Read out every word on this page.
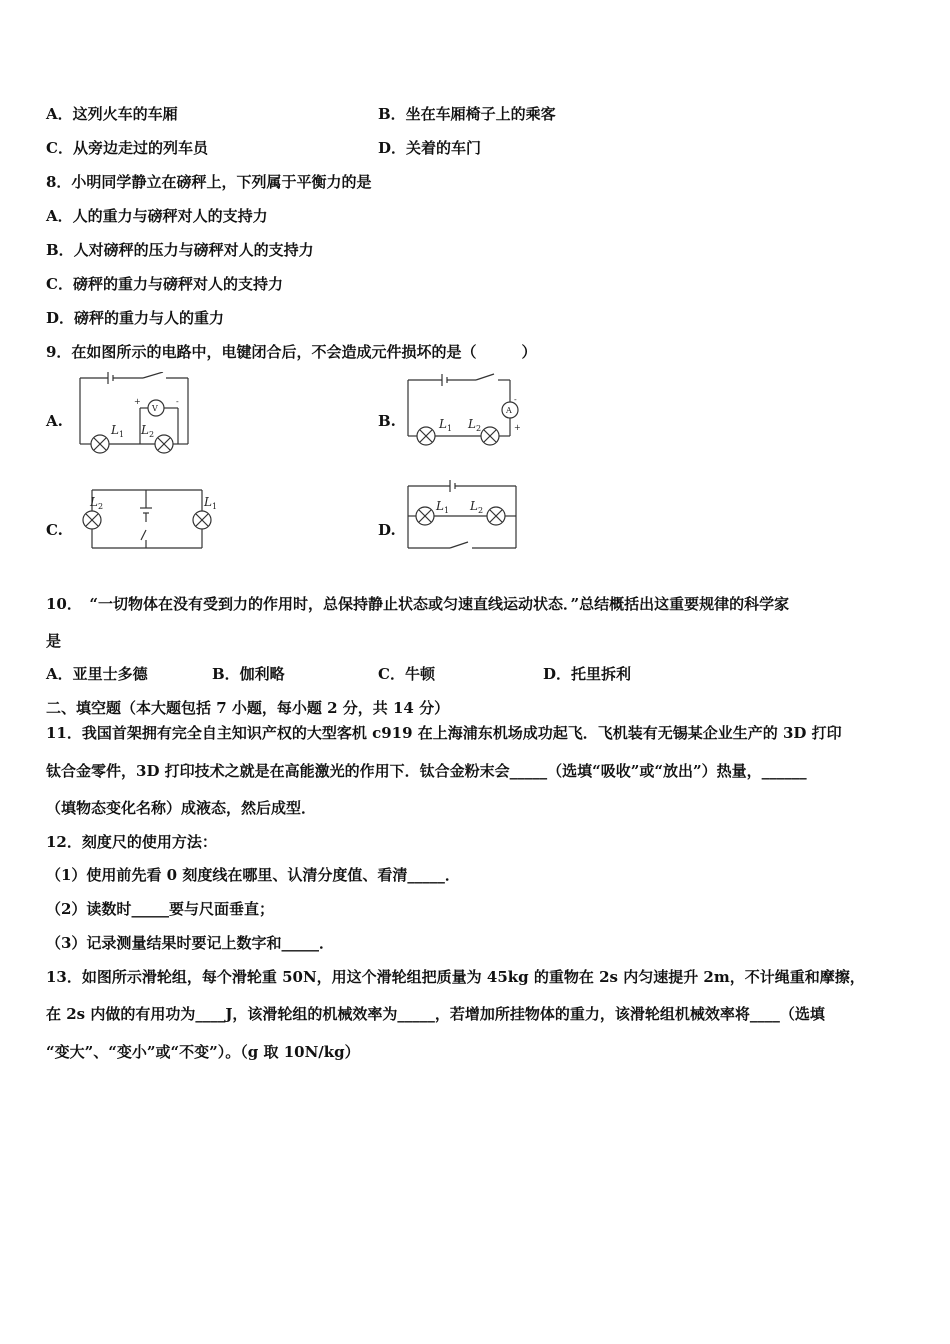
A．这列火车的车厢	B．坐在车厢椅子上的乘客
C．从旁边走过的列车员	D．关着的车门
8．小明同学静立在磅秤上，下列属于平衡力的是
A．人的重力与磅秤对人的支持力
B．人对磅秤的压力与磅秤对人的支持力
C．磅秤的重力与磅秤对人的支持力
D．磅秤的重力与人的重力
9．在如图所示的电路中，电键闭合后，不会造成元件损坏的是（　　　）
A.	B.
C.	D.
V
L 1 L 2
+	-
A
L 1 L 2
-
+
L 2	L 1	L 1 L 2
10．　“一切物体在没有受到力的作用时，总保持静止状态或匀速直线运动状态．”总结概括出这重要规律的科学家
是
A．亚里士多德	B．伽利略	C．牛顿	D．托里拆利
二、填空题（本大题包括 7 小题，每小题 2 分，共 14 分）
11．我国首架拥有完全自主知识产权的大型客机 c919 在上海浦东机场成功起飞．飞机装有无锡某企业生产的 3D 打印
钛合金零件，3D 打印技术之就是在高能激光的作用下．钛合金粉末会_____（选填“吸收”或“放出”）热量，______
（填物态变化名称）成液态，然后成型．
12．刻度尺的使用方法：
（1）使用前先看 0 刻度线在哪里、认清分度值、看清_____．
（2）读数时_____要与尺面垂直；
（3）记录测量结果时要记上数字和_____．
13．如图所示滑轮组，每个滑轮重 50N，用这个滑轮组把质量为 45kg 的重物在 2s 内匀速提升 2m，不计绳重和摩擦，
在 2s 内做的有用功为____J，该滑轮组的机械效率为_____，若增加所挂物体的重力，该滑轮组机械效率将____（选填
“变大”、“变小”或“不变”）。（g 取 10N/kg）
